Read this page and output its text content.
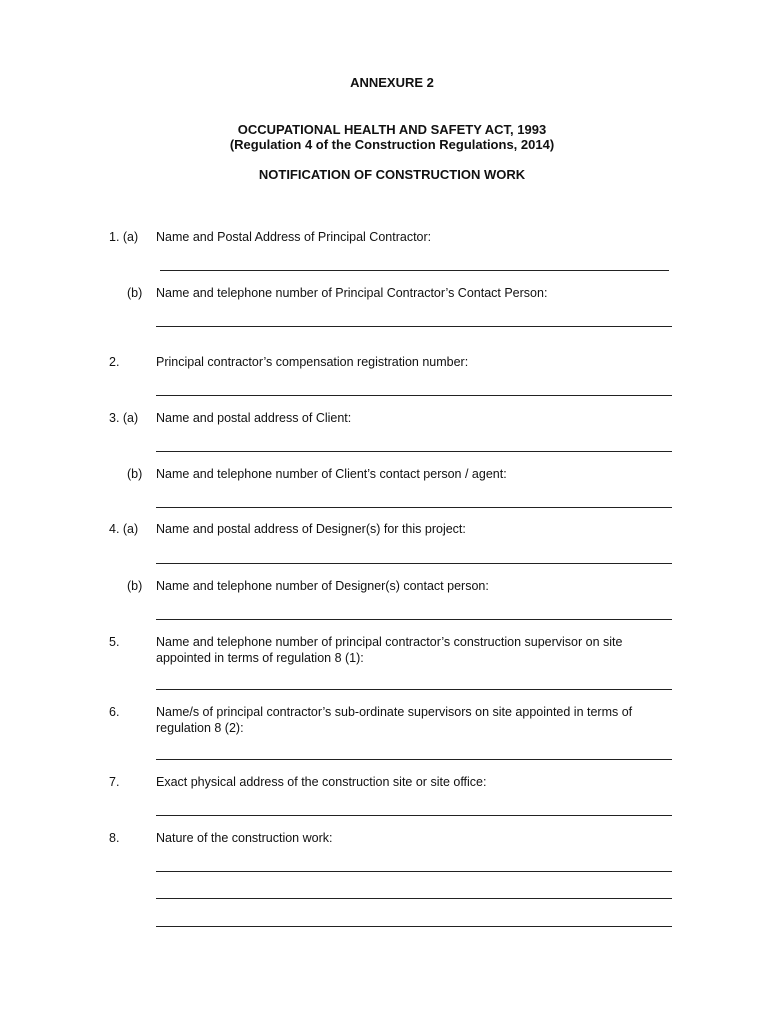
ANNEXURE 2
OCCUPATIONAL HEALTH AND SAFETY ACT, 1993
(Regulation 4 of the Construction Regulations, 2014)
NOTIFICATION OF CONSTRUCTION WORK
1. (a) Name and Postal Address of Principal Contractor:
(b) Name and telephone number of Principal Contractor’s Contact Person:
2.	Principal contractor’s compensation registration number:
3. (a) Name and postal address of Client:
(b) Name and telephone number of Client’s contact person / agent:
4. (a) Name and postal address of Designer(s) for this project:
(b) Name and telephone number of Designer(s) contact person:
5.	Name and telephone number of principal contractor’s construction supervisor on site appointed in terms of regulation 8 (1):
6.	Name/s of principal contractor’s sub-ordinate supervisors on site appointed in terms of regulation 8 (2):
7.	Exact physical address of the construction site or site office:
8.	Nature of the construction work:
